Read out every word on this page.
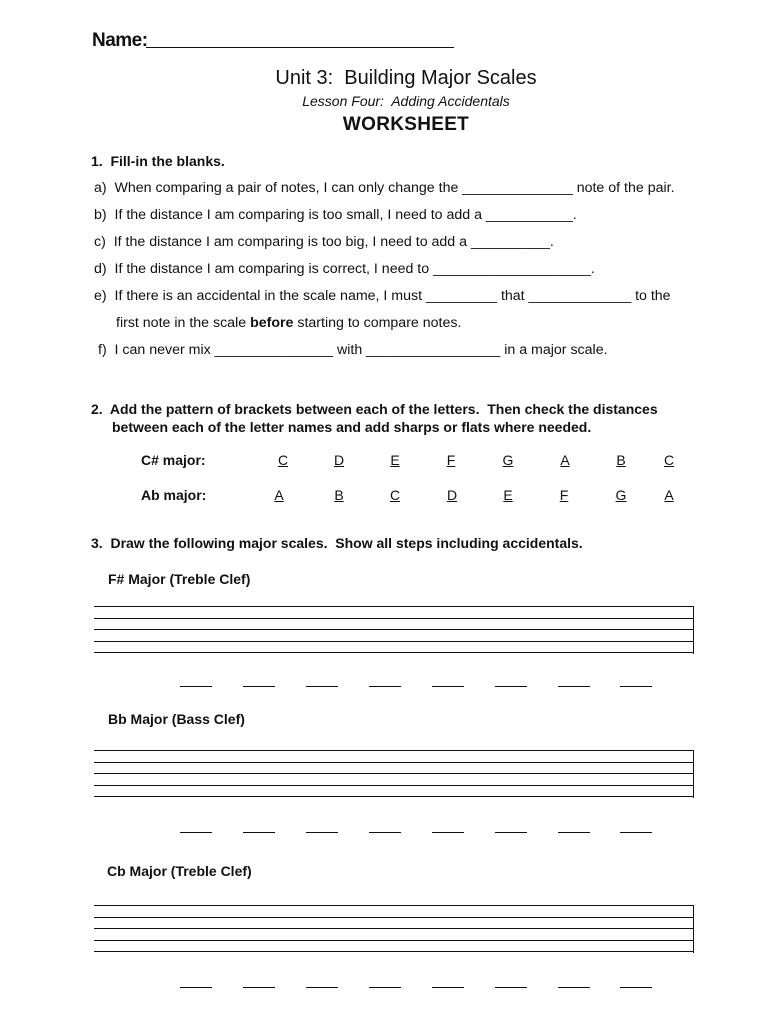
Name:
Unit 3:  Building Major Scales
Lesson Four:  Adding Accidentals
WORKSHEET
1.  Fill-in the blanks.
a)  When comparing a pair of notes, I can only change the ______________ note of the pair.
b)  If the distance I am comparing is too small, I need to add a ___________.
c)  If the distance I am comparing is too big, I need to add a __________.
d)  If the distance I am comparing is correct, I need to ____________________.
e)  If there is an accidental in the scale name, I must _________ that _____________ to the
first note in the scale before starting to compare notes.
f)  I can never mix _______________ with _________________ in a major scale.
2.  Add the pattern of brackets between each of the letters.  Then check the distances
between each of the letter names and add sharps or flats where needed.
C# major:	C	D	E	F	G	A	B	C
Ab major:	A	B	C	D	E	F	G	A
3.  Draw the following major scales.  Show all steps including accidentals.
F# Major (Treble Clef)
Bb Major (Bass Clef)
Cb Major (Treble Clef)
